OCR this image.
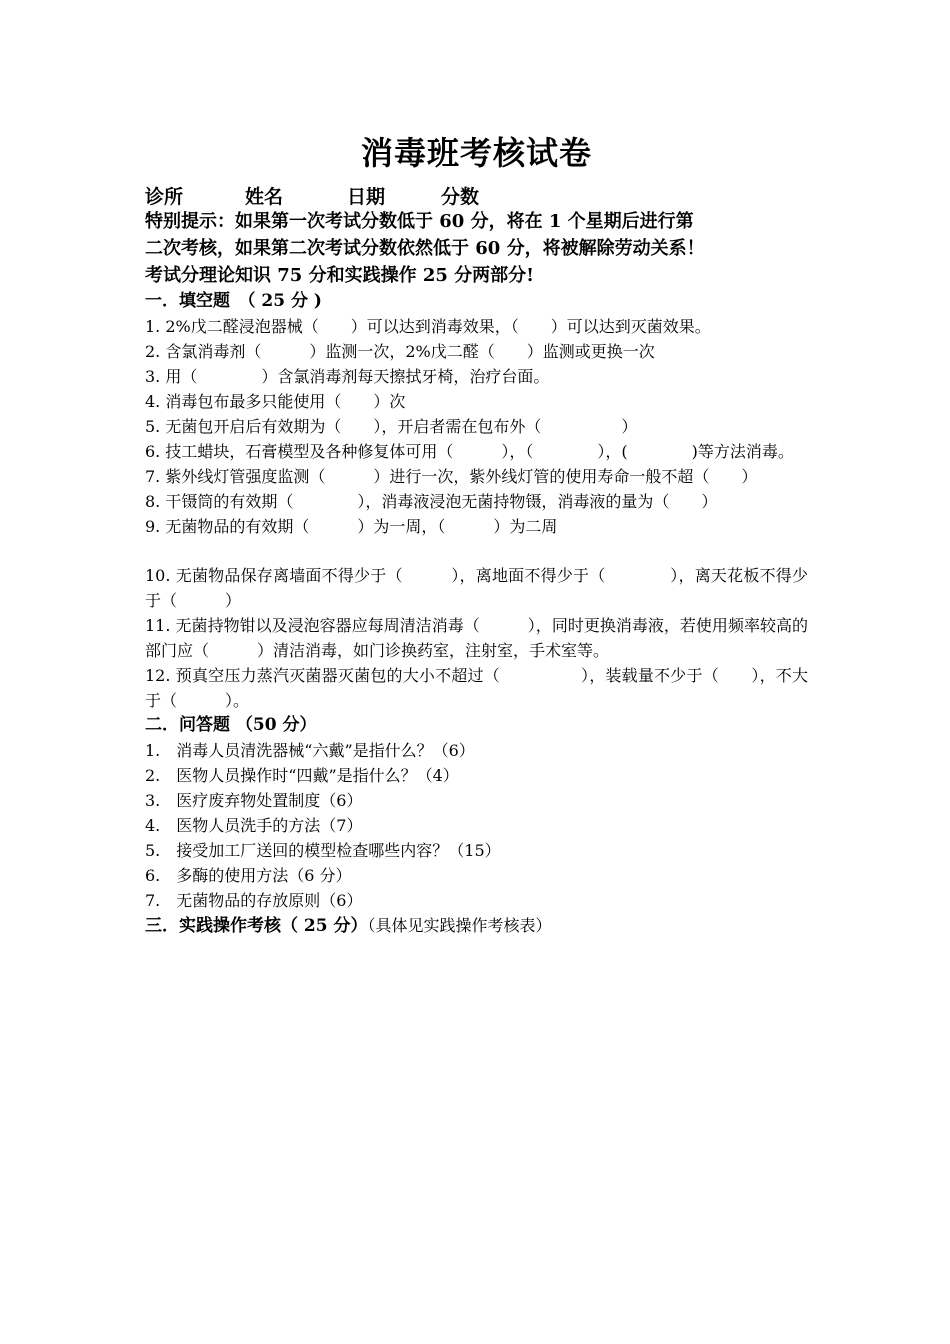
消毒班考核试卷
诊所	姓名	日期	分数
特别提示：如果第一次考试分数低于 60 分，将在 1 个星期后进行第
二次考核，如果第二次考试分数依然低于 60 分，将被解除劳动关系！
考试分理论知识 75 分和实践操作 25 分两部分!
一．填空题　（ 25 分 )
1. 2%戊二醛浸泡器械（　　）可以达到消毒效果，（　　）可以达到灭菌效果。
2. 含氯消毒剂（　　　）监测一次，2%戊二醛（　　）监测或更换一次
3. 用（　　　　）含氯消毒剂每天擦拭牙椅，治疗台面。
4. 消毒包布最多只能使用（　　）次
5. 无菌包开启后有效期为（　　），开启者需在包布外（　　　　　）
6. 技工蜡块，石膏模型及各种修复体可用（　　　），（　　　　），(　　　　)等方法消毒。
7. 紫外线灯管强度监测（　　　）进行一次，紫外线灯管的使用寿命一般不超（　　）
8. 干镊筒的有效期（　　　　），消毒液浸泡无菌持物镊，消毒液的量为（　　）
9. 无菌物品的有效期（　　　）为一周，（　　　）为二周
10. 无菌物品保存离墙面不得少于（　　　），离地面不得少于（　　　　），离天花板不得少于（　　　）
11. 无菌持物钳以及浸泡容器应每周清洁消毒（　　　），同时更换消毒液，若使用频率较高的部门应（　　　）清洁消毒，如门诊换药室，注射室，手术室等。
12. 预真空压力蒸汽灭菌器灭菌包的大小不超过（　　　　　），装载量不少于（　　），不大于（　　　）。
二．问答题 （50 分）
1.　消毒人员清洗器械“六戴”是指什么？（6）
2.　医物人员操作时“四戴”是指什么？（4）
3.　医疗废弃物处置制度（6）
4.　医物人员洗手的方法（7）
5.　接受加工厂送回的模型检查哪些内容？（15）
6.　多酶的使用方法（6 分）
7.　无菌物品的存放原则（6）
三．实践操作考核（ 25 分）（具体见实践操作考核表）
